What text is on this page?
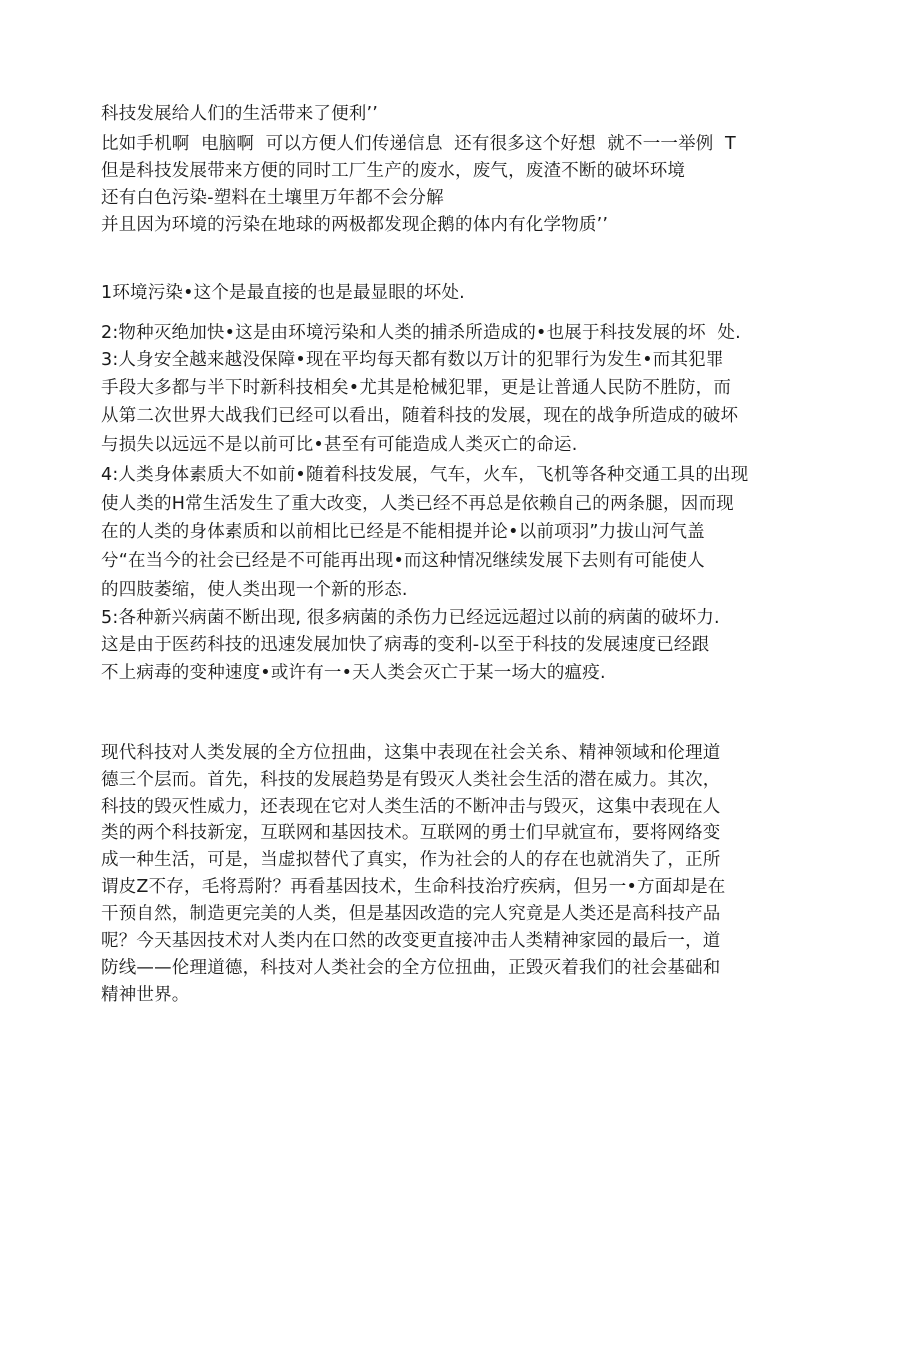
科技发展给人们的生活带来了便利’’
比如手机啊  电脑啊  可以方便人们传递信息  还有很多这个好想  就不一一举例  T
但是科技发展带来方便的同时工厂生产的废水，废气，废渣不断的破坏环境
还有白色污染-塑料在土壤里万年都不会分解
并且因为环境的污染在地球的两极都发现企鹅的体内有化学物质’’
1环境污染•这个是最直接的也是最显眼的坏处.
2:物种灭绝加快•这是由环境污染和人类的捕杀所造成的•也展于科技发展的坏  处.
3:人身安全越来越没保障•现在平均每天都有数以万计的犯罪行为发生•而其犯罪
手段大多都与半下时新科技相矣•尤其是枪械犯罪，更是让普通人民防不胜防，而
从第二次世界大战我们已经可以看出，随着科技的发展，现在的战争所造成的破坏
与损失以远远不是以前可比•甚至有可能造成人类灭亡的命运.
4:人类身体素质大不如前•随着科技发展，气车，火车，飞机等各种交通工具的出现
使人类的H常生活发生了重大改变，人类已经不再总是依赖自己的两条腿，因而现
在的人类的身体素质和以前相比已经是不能相提并论•以前项羽”力拔山河气盖
兮“在当今的社会已经是不可能再出现•而这种情况继续发展下去则有可能使人
的四肢萎缩，使人类出现一个新的形态.
5:各种新兴病菌不断出现, 很多病菌的杀伤力已经远远超过以前的病菌的破坏力.
这是由于医药科技的迅速发展加快了病毒的变利-以至于科技的发展速度已经跟
不上病毒的变种速度•或许有一•天人类会灭亡于某一场大的瘟疫.
现代科技对人类发展的全方位扭曲，这集中表现在社会关糸、精神领域和伦理道
德三个层而。首先，科技的发展趋势是有毁灭人类社会生活的潜在威力。其次，
科技的毁灭性威力，还表现在它对人类生活的不断冲击与毁灭，这集中表现在人
类的两个科技新宠，互联网和基因技术。互联网的勇士们早就宣布，要将网络变
成一种生活，可是，当虚拟替代了真实，作为社会的人的存在也就消失了，正所
谓皮Z不存，毛将焉附？再看基因技术，生命科技治疗疾病，但另一•方面却是在
干预自然，制造更完美的人类，但是基因改造的完人究竟是人类还是高科技产品
呢？今天基因技术对人类内在口然的改变更直接冲击人类精神家园的最后一，道
防线——伦理道德，科技对人类社会的全方位扭曲，正毁灭着我们的社会基础和
精神世界。
